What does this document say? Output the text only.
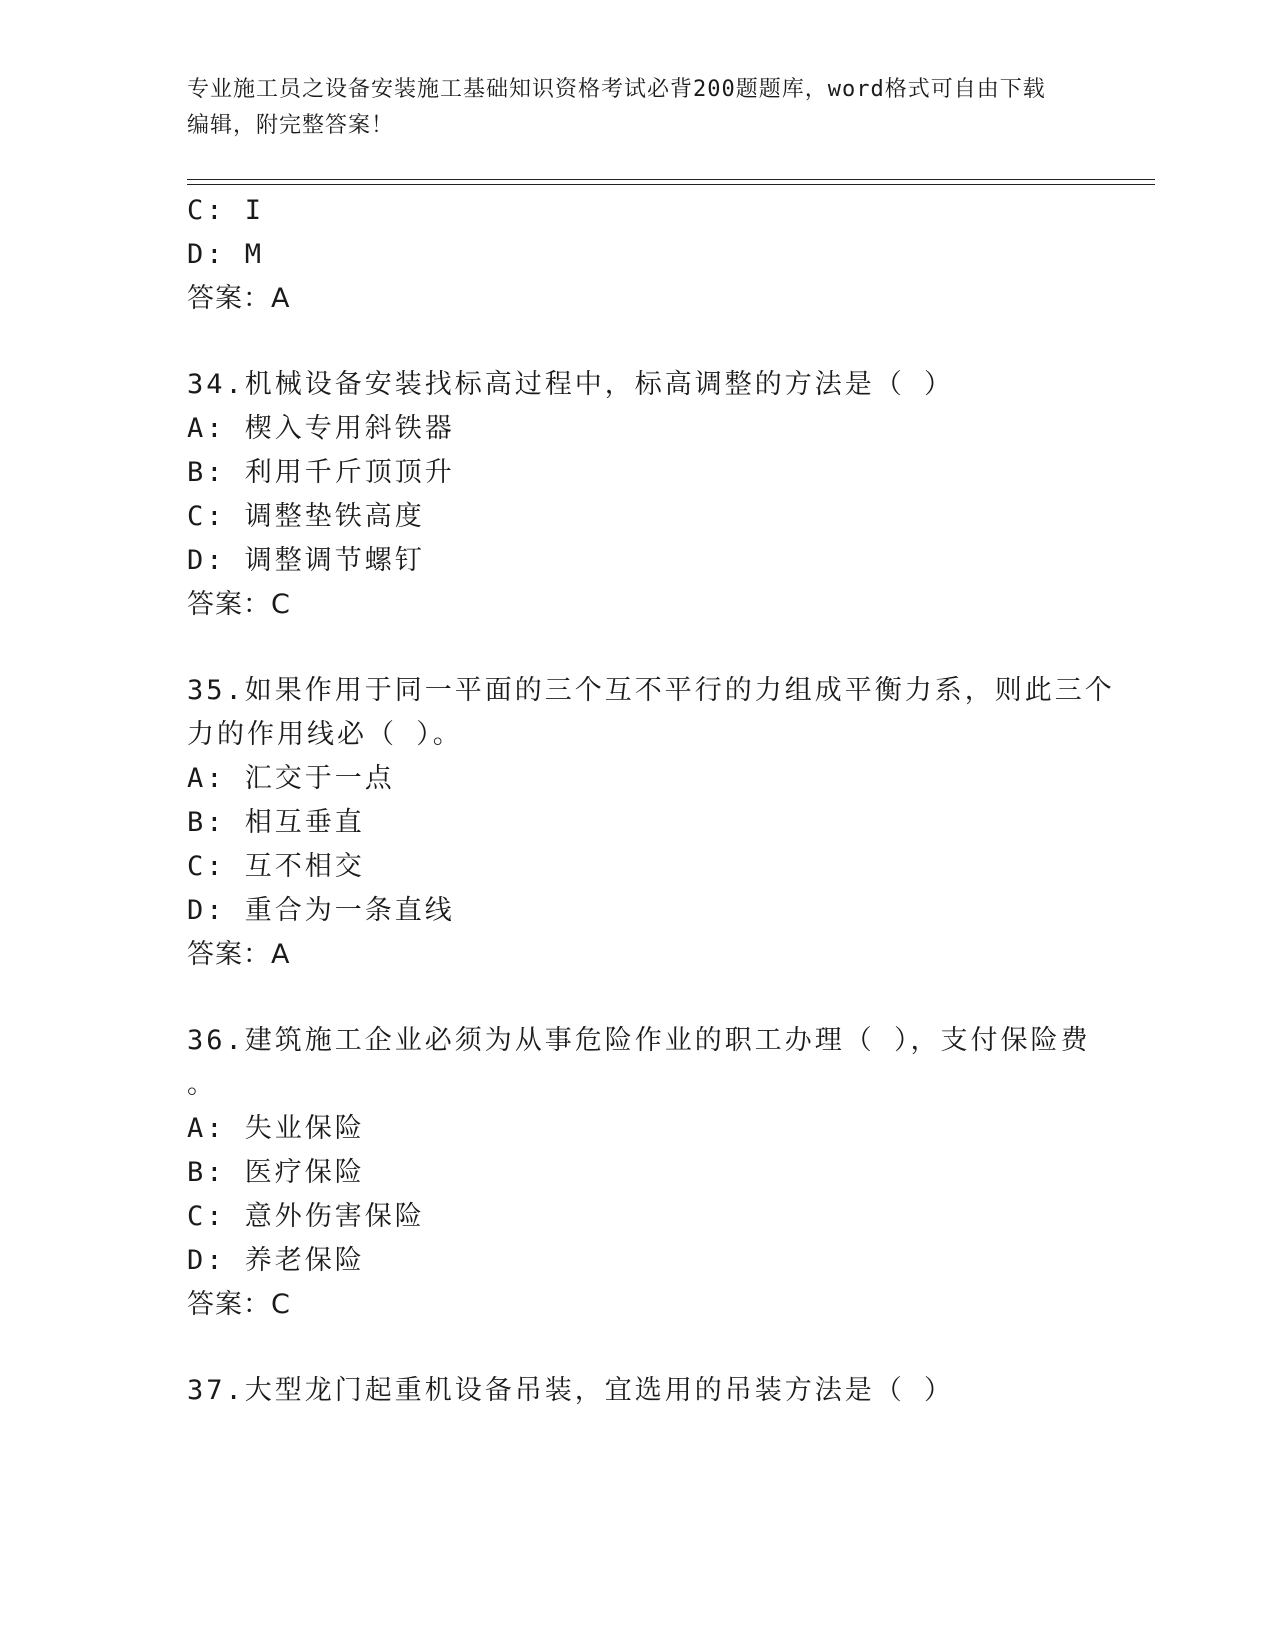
专业施工员之设备安装施工基础知识资格考试必背200题题库，word格式可自由下载编辑，附完整答案！
C: I
D: M
答案：A
34.机械设备安装找标高过程中，标高调整的方法是（ ）
A: 楔入专用斜铁器
B: 利用千斤顶顶升
C: 调整垫铁高度
D: 调整调节螺钉
答案：C
35.如果作用于同一平面的三个互不平行的力组成平衡力系，则此三个
力的作用线必（ ）。
A: 汇交于一点
B: 相互垂直
C: 互不相交
D: 重合为一条直线
答案：A
36.建筑施工企业必须为从事危险作业的职工办理（ ），支付保险费
。
A: 失业保险
B: 医疗保险
C: 意外伤害保险
D: 养老保险
答案：C
37.大型龙门起重机设备吊装，宜选用的吊装方法是（ ）
